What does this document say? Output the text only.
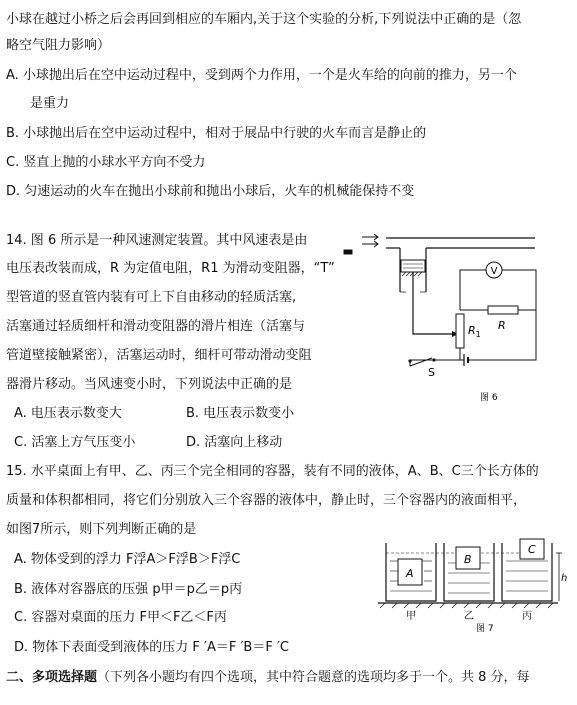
小球在越过小桥之后会再回到相应的车厢内,关于这个实验的分析,下列说法中正确的是（忽
略空气阻力影响）
A. 小球抛出后在空中运动过程中，受到两个力作用，一个是火车给的向前的推力，另一个
是重力
B. 小球抛出后在空中运动过程中，相对于展品中行驶的火车而言是静止的
C. 竖直上抛的小球水平方向不受力
D. 匀速运动的火车在抛出小球前和抛出小球后，火车的机械能保持不变
14. 图 6 所示是一种风速测定装置。其中风速表是由
电压表改装而成，R 为定值电阻，R1 为滑动变阻器，“T”
型管道的竖直管内装有可上下自由移动的轻质活塞,
活塞通过轻质细杆和滑动变阻器的滑片相连（活塞与
管道壁接触紧密），活塞运动时，细杆可带动滑动变阻
器滑片移动。当风速变小时，下列说法中正确的是
A. 电压表示数变大	B. 电压表示数变小
C. 活塞上方气压变小	D. 活塞向上移动
V
R
$R_1$
S
图 6
15. 水平桌面上有甲、乙、丙三个完全相同的容器，装有不同的液体，A、B、C三个长方体的
质量和体积都相同，将它们分别放入三个容器的液体中，静止时，三个容器内的液面相平，
如图7所示，则下列判断正确的是
A. 物体受到的浮力 F浮A＞F浮B＞F浮C
B. 液体对容器底的压强 p甲＝p乙＝p丙
C. 容器对桌面的压力 F甲＜F乙＜F丙
D. 物体下表面受到液体的压力 F ′A＝F ′B＝F ′C
A
B
C
h
甲	乙	丙
图 7
二、多项选择题（下列各小题均有四个选项，其中符合题意的选项均多于一个。共 8 分，每
